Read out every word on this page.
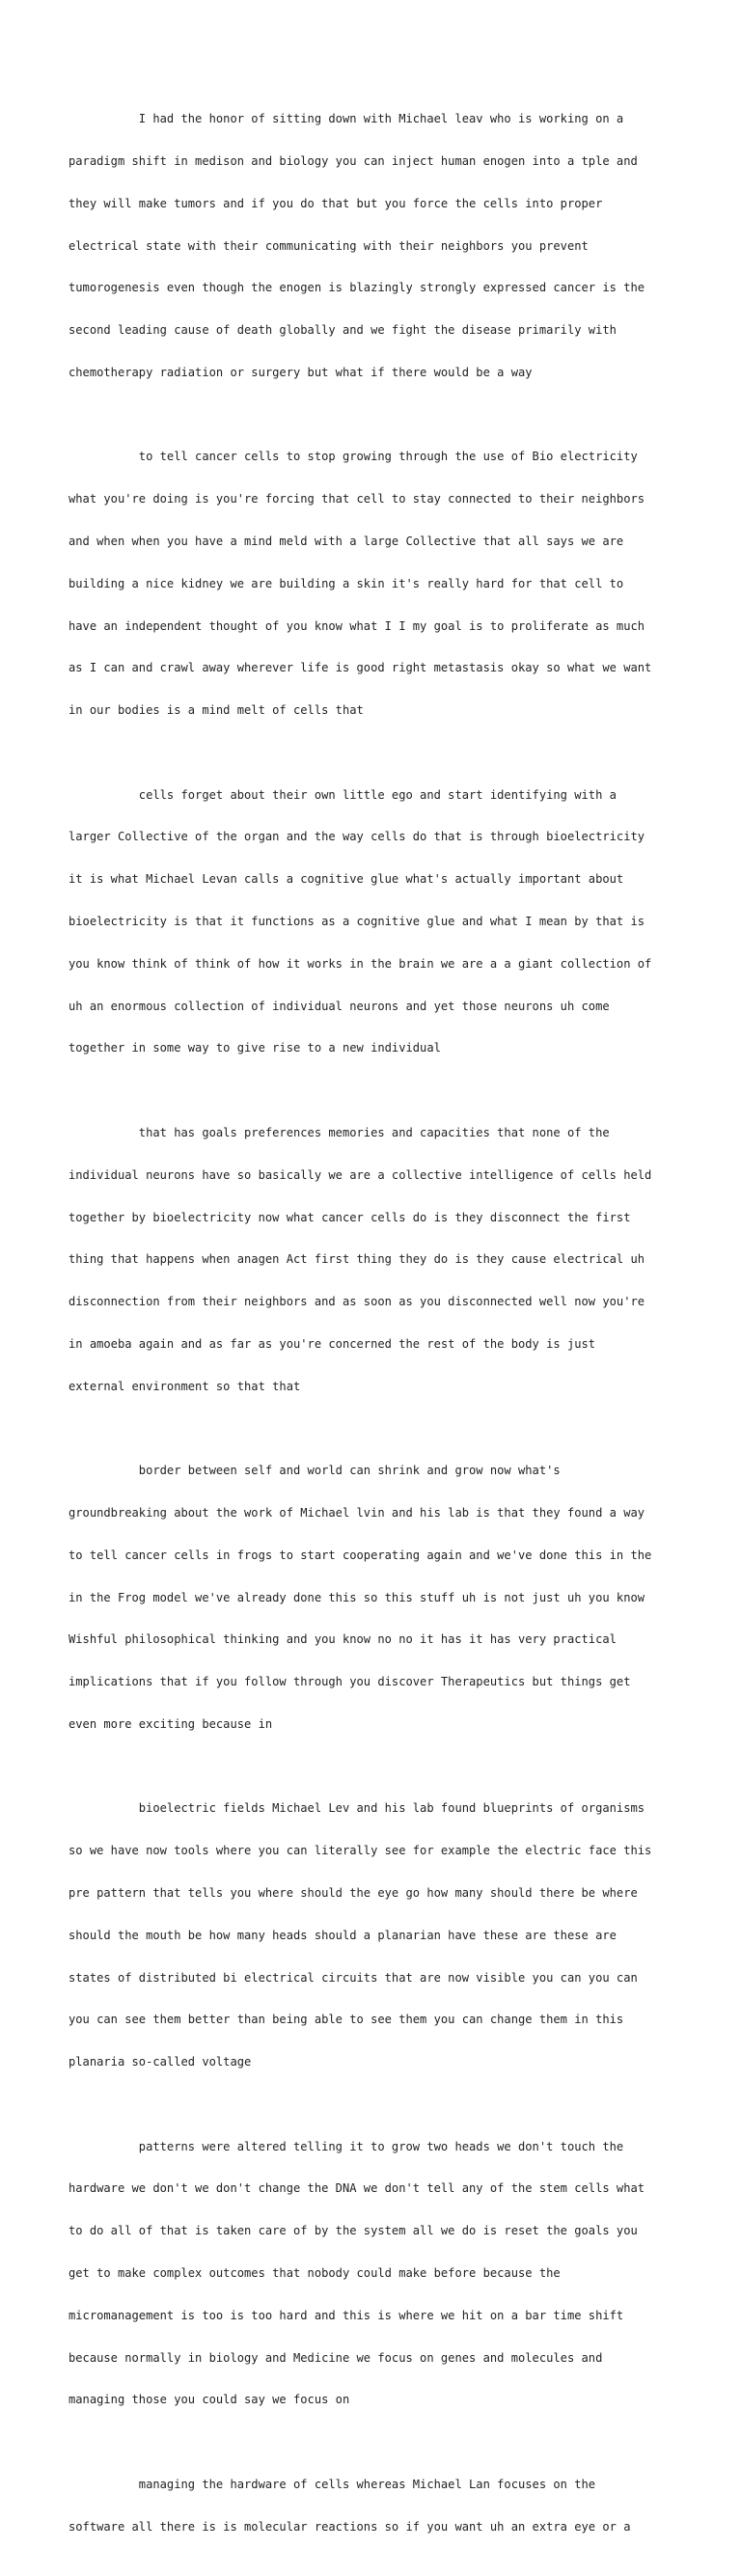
I had the honor of sitting down with Michael leav who is working on a

paradigm shift in medison and biology you can inject human enogen into a tple and

they will make tumors and if you do that but you force the cells into proper

electrical state with their communicating with their neighbors you prevent

tumorogenesis even though the enogen is blazingly strongly expressed cancer is the

second leading cause of death globally and we fight the disease primarily with

chemotherapy radiation or surgery but what if there would be a way

to tell cancer cells to stop growing through the use of Bio electricity

what you're doing is you're forcing that cell to stay connected to their neighbors

and when when you have a mind meld with a large Collective that all says we are

building a nice kidney we are building a skin it's really hard for that cell to

have an independent thought of you know what I I my goal is to proliferate as much

as I can and crawl away wherever life is good right metastasis okay so what we want

in our bodies is a mind melt of cells that

cells forget about their own little ego and start identifying with a

larger Collective of the organ and the way cells do that is through bioelectricity

it is what Michael Levan calls a cognitive glue what's actually important about

bioelectricity is that it functions as a cognitive glue and what I mean by that is

you know think of think of how it works in the brain we are a a giant collection of

uh an enormous collection of individual neurons and yet those neurons uh come

together in some way to give rise to a new individual

that has goals preferences memories and capacities that none of the

individual neurons have so basically we are a collective intelligence of cells held

together by bioelectricity now what cancer cells do is they disconnect the first

thing that happens when anagen Act first thing they do is they cause electrical uh

disconnection from their neighbors and as soon as you disconnected well now you're

in amoeba again and as far as you're concerned the rest of the body is just

external environment so that that

border between self and world can shrink and grow now what's

groundbreaking about the work of Michael lvin and his lab is that they found a way

to tell cancer cells in frogs to start cooperating again and we've done this in the

in the Frog model we've already done this so this stuff uh is not just uh you know

Wishful philosophical thinking and you know no no it has it has very practical

implications that if you follow through you discover Therapeutics but things get

even more exciting because in

bioelectric fields Michael Lev and his lab found blueprints of organisms

so we have now tools where you can literally see for example the electric face this

pre pattern that tells you where should the eye go how many should there be where

should the mouth be how many heads should a planarian have these are these are

states of distributed bi electrical circuits that are now visible you can you can

you can see them better than being able to see them you can change them in this

planaria so-called voltage

patterns were altered telling it to grow two heads we don't touch the

hardware we don't we don't change the DNA we don't tell any of the stem cells what

to do all of that is taken care of by the system all we do is reset the goals you

get to make complex outcomes that nobody could make before because the

micromanagement is too is too hard and this is where we hit on a bar time shift

because normally in biology and Medicine we focus on genes and molecules and

managing those you could say we focus on

managing the hardware of cells whereas Michael Lan focuses on the

software all there is is molecular reactions so if you want uh an extra eye or a
